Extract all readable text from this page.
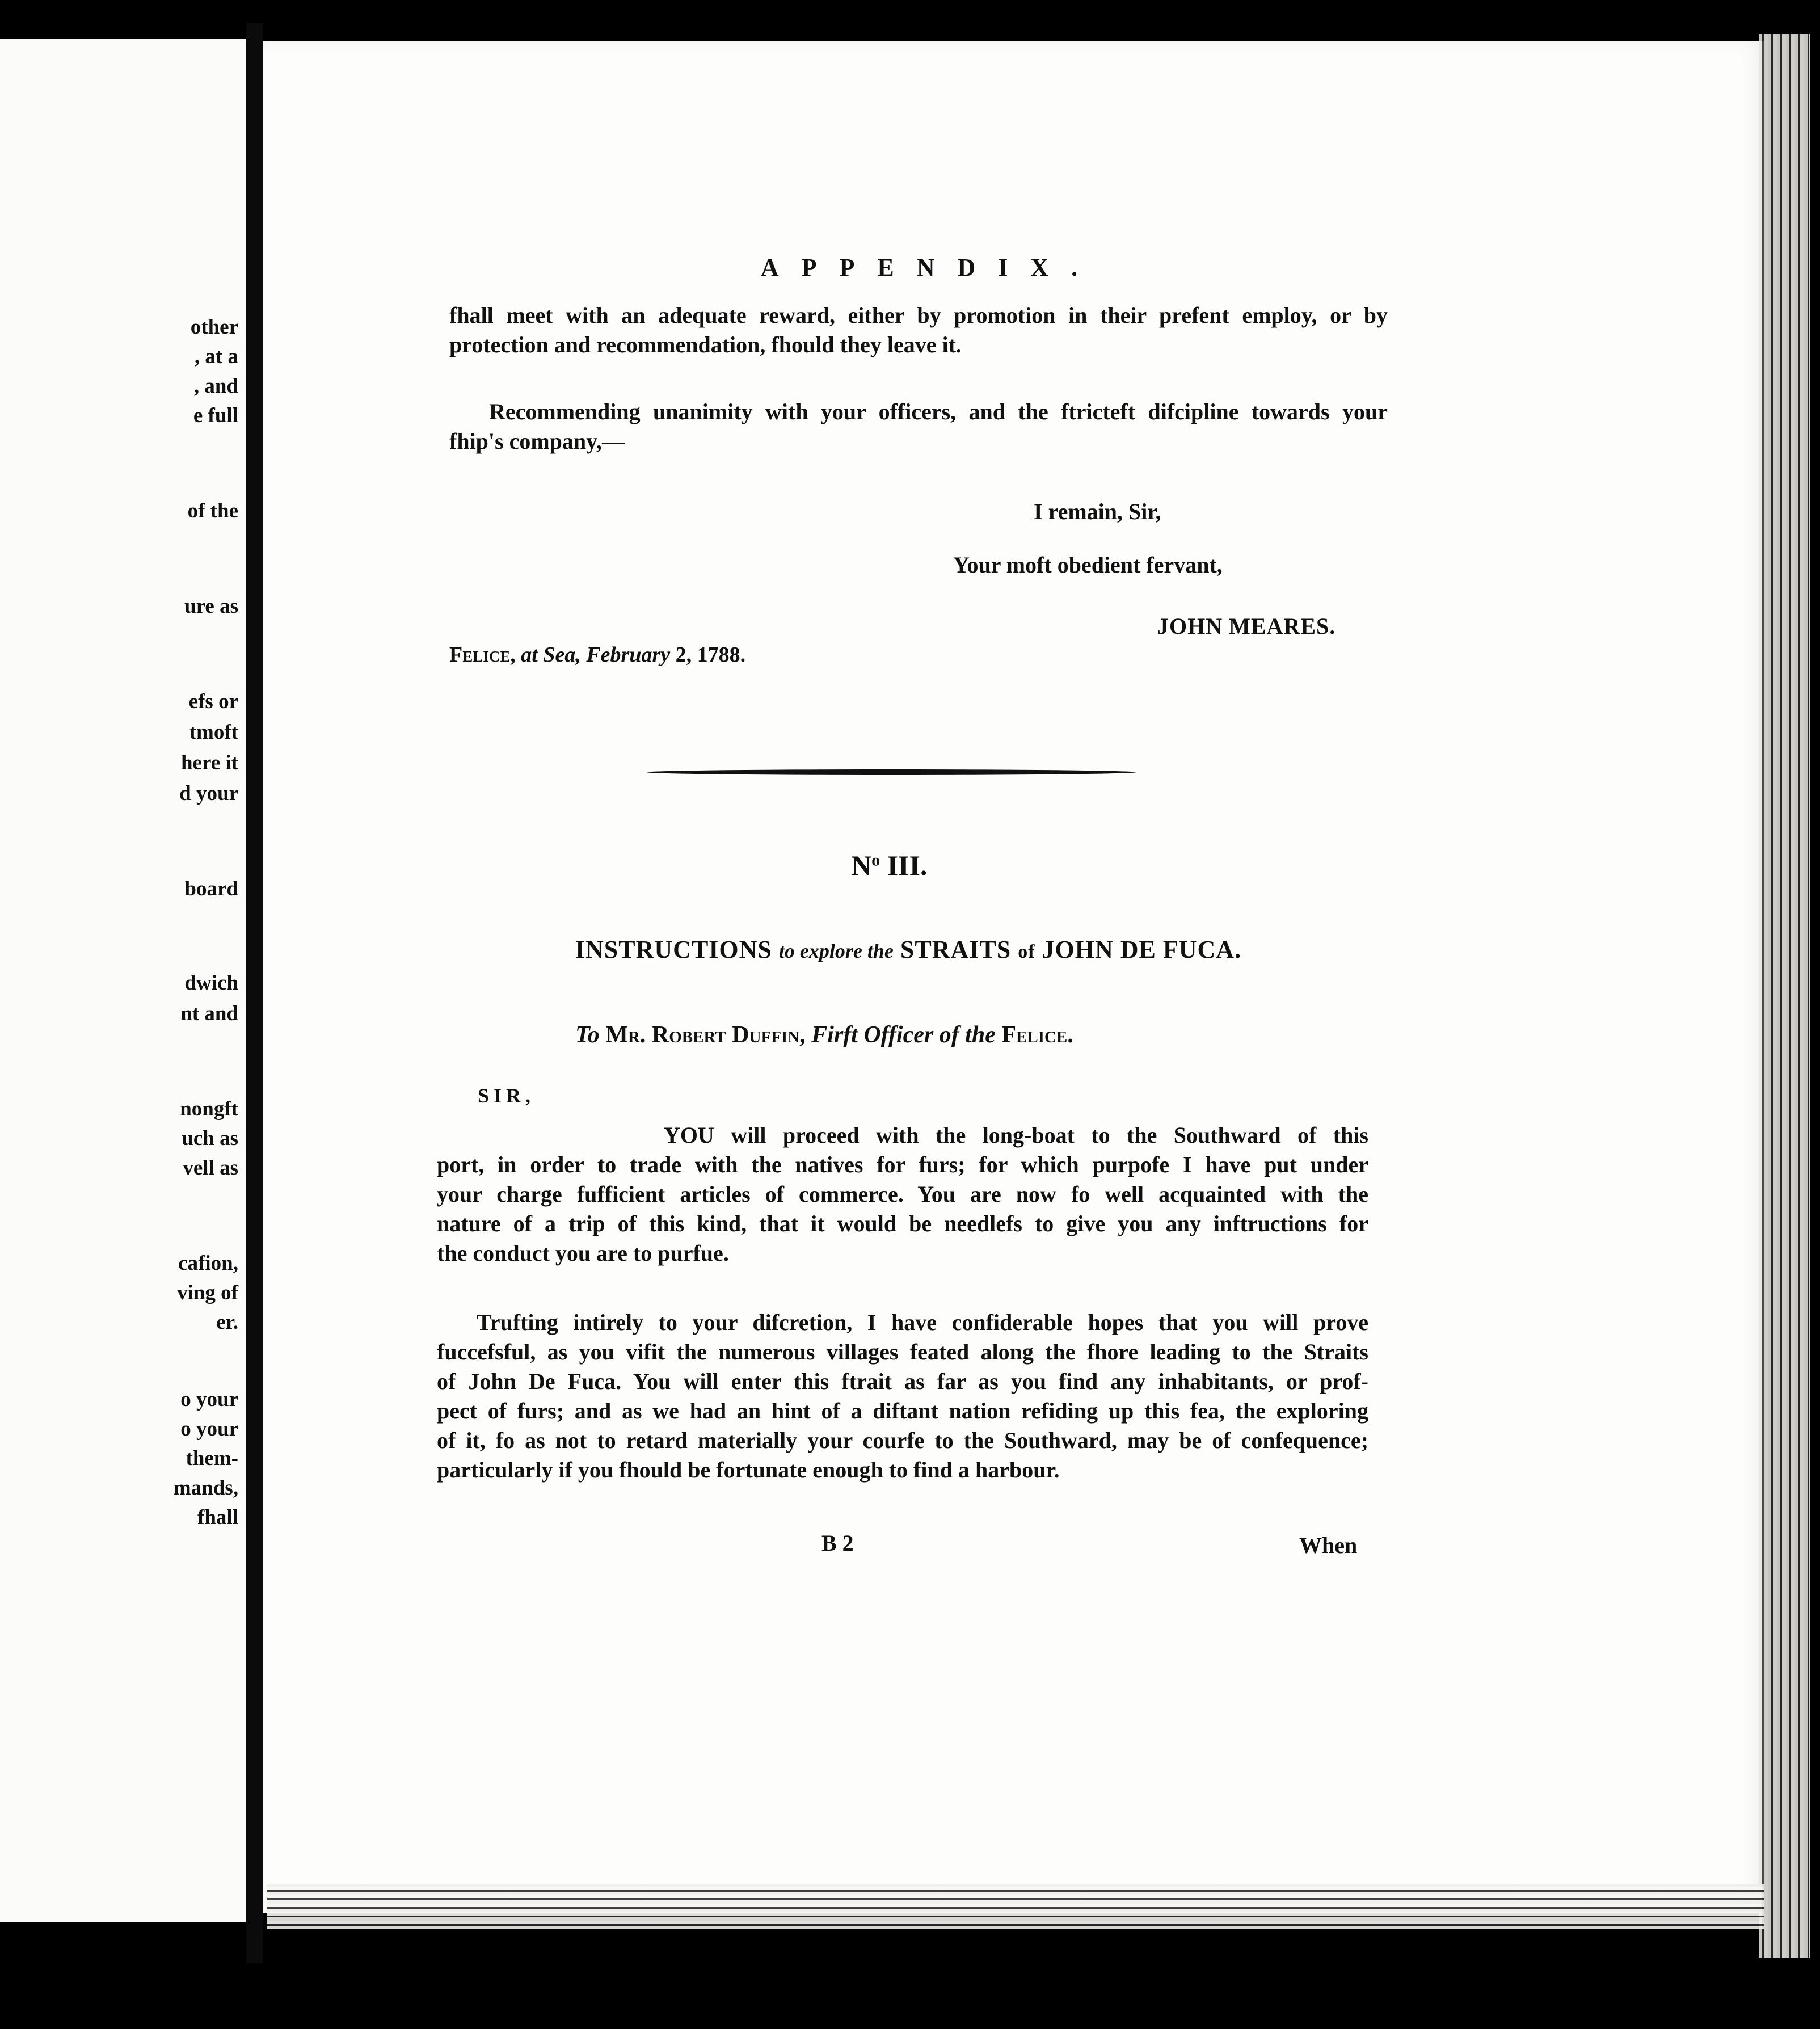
other
, at a
, and
e full
of the
ure as
efs or
tmoft
here it
d your
board
dwich
nt and
nongft
uch as
vell as
cafion,
ving of
er.
o your
o your
them-
mands,
fhall
APPENDIX.
fhall meet with an adequate reward, either by promotion in their prefent employ, or by
protection and recommendation, fhould they leave it.
Recommending unanimity with your officers, and the ftricteft difcipline towards your
fhip's company,—
I remain, Sir,
Your moft obedient fervant,
JOHN MEARES.
Felice, at Sea, February 2, 1788.
$N^o$ III.
INSTRUCTIONS to explore the STRAITS of JOHN DE FUCA.
To Mr. Robert Duffin, Firft Officer of the Felice.
SIR,
YOU will proceed with the long-boat to the Southward of this
port, in order to trade with the natives for furs; for which purpofe I have put under
your charge fufficient articles of commerce. You are now fo well acquainted with the
nature of a trip of this kind, that it would be needlefs to give you any inftructions for
the conduct you are to purfue.
Trufting intirely to your difcretion, I have confiderable hopes that you will prove
fuccefsful, as you vifit the numerous villages feated along the fhore leading to the Straits
of John De Fuca. You will enter this ftrait as far as you find any inhabitants, or prof-
pect of furs; and as we had an hint of a diftant nation refiding up this fea, the exploring
of it, fo as not to retard materially your courfe to the Southward, may be of confequence;
particularly if you fhould be fortunate enough to find a harbour.
B 2	When
